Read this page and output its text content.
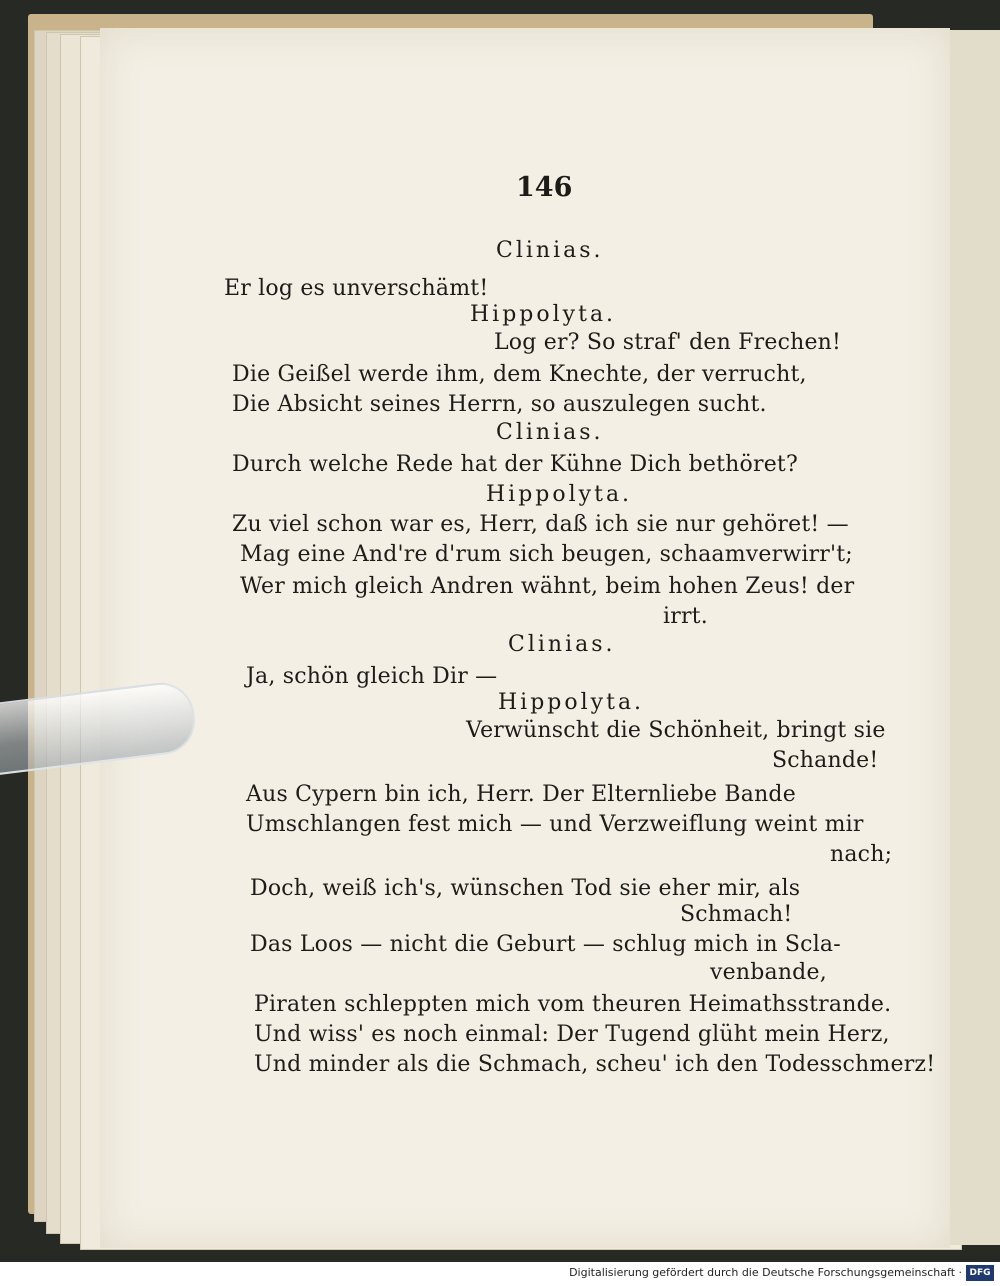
146
Clinias.
Er log es unverschämt!
Hippolyta.
Log er? So straf' den Frechen!
Die Geißel werde ihm, dem Knechte, der verrucht,
Die Absicht seines Herrn, so auszulegen sucht.
Clinias.
Durch welche Rede hat der Kühne Dich bethöret?
Hippolyta.
Zu viel schon war es, Herr, daß ich sie nur gehöret! —
Mag eine And're d'rum sich beugen, schaamverwirr't;
Wer mich gleich Andren wähnt, beim hohen Zeus! der
irrt.
Clinias.
Ja, schön gleich Dir —
Hippolyta.
Verwünscht die Schönheit, bringt sie
Schande!
Aus Cypern bin ich, Herr. Der Elternliebe Bande
Umschlangen fest mich — und Verzweiflung weint mir
nach;
Doch, weiß ich's, wünschen Tod sie eher mir, als
Schmach!
Das Loos — nicht die Geburt — schlug mich in Scla-
venbande,
Piraten schleppten mich vom theuren Heimathsstrande.
Und wiss' es noch einmal: Der Tugend glüht mein Herz,
Und minder als die Schmach, scheu' ich den Todesschmerz!
Digitalisierung gefördert durch die Deutsche Forschungsgemeinschaft · DFG
